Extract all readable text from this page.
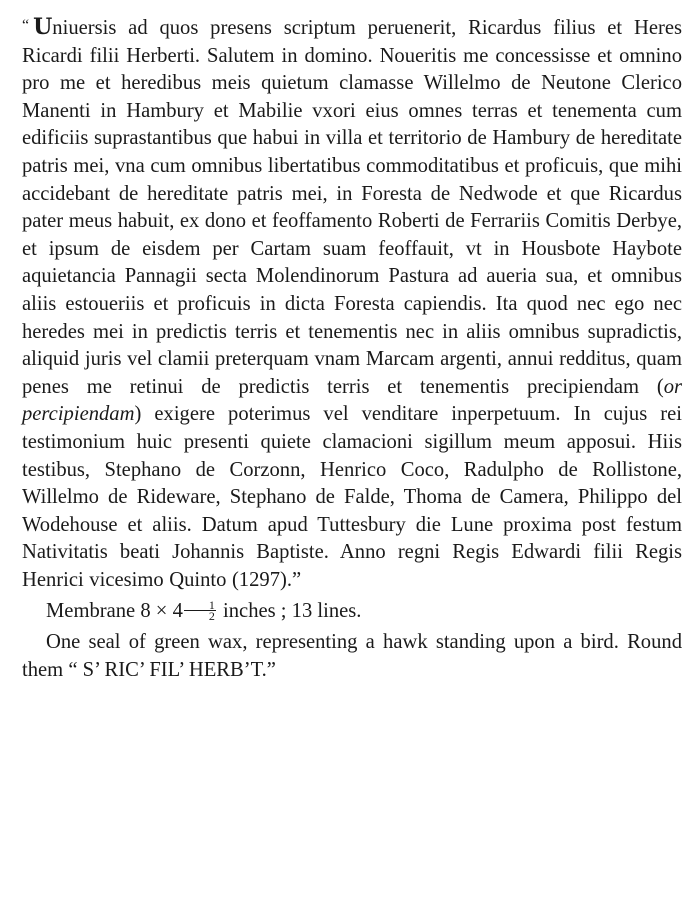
“ Uniuersis ad quos presens scriptum peruenerit, Ricardus filius et Heres Ricardi filii Herberti. Salutem in domino. Noueritis me concessisse et omnino pro me et heredibus meis quietum clamasse Willelmo de Neutone Clerico Manenti in Hambury et Mabilie vxori eius omnes terras et tenementa cum edificiis suprastantibus que habui in villa et territorio de Hambury de hereditate patris mei, vna cum omnibus libertatibus commoditatibus et proficuis, que mihi accidebant de hereditate patris mei, in Foresta de Nedwode et que Ricardus pater meus habuit, ex dono et feoffamento Roberti de Ferrariis Comitis Derbye, et ipsum de eisdem per Cartam suam feoffauit, vt in Housbote Haybote aquietancia Pannagii secta Molendinorum Pastura ad aueria sua, et omnibus aliis estoueriis et proficuis in dicta Foresta capiendis. Ita quod nec ego nec heredes mei in predictis terris et tenementis nec in aliis omnibus supradictis, aliquid juris vel clamii preterquam vnam Marcam argenti, annui redditus, quam penes me retinui de predictis terris et tenementis precipiendam (or percipiendam) exigere poterimus vel venditare inperpetuum. In cujus rei testimonium huic presenti quiete clamacioni sigillum meum apposui. Hiis testibus, Stephano de Corzonn, Henrico Coco, Radulpho de Rollistone, Willelmo de Rideware, Stephano de Falde, Thoma de Camera, Philippo del Wodehouse et aliis. Datum apud Tuttesbury die Lune proxima post festum Nativitatis beati Johannis Baptiste. Anno regni Regis Edwardi filii Regis Henrici vicesimo Quinto (1297).”

Membrane $8 \times 4 \frac{1}{2}$ inches ; 13 lines.

One seal of green wax, representing a hawk standing upon a bird. Round them “ S’ RIC’ FIL’ HERB’T.”
